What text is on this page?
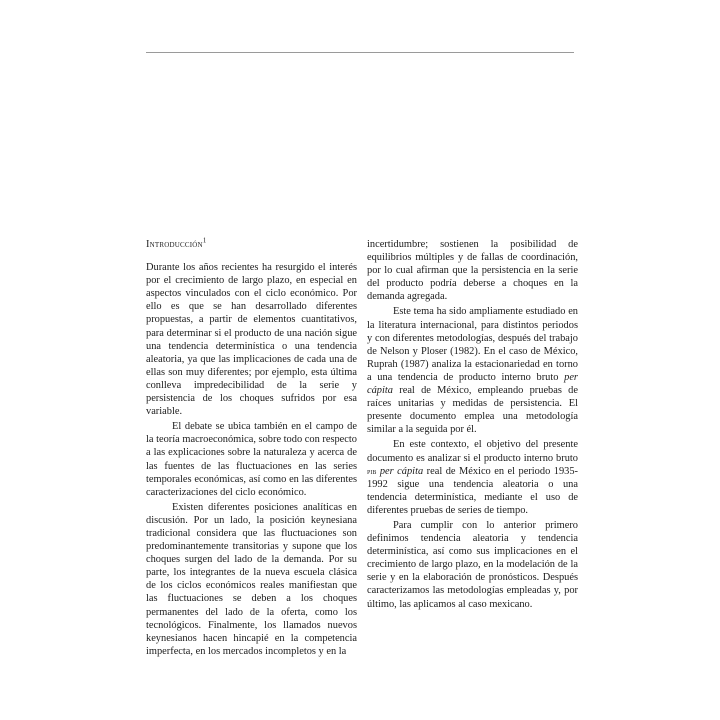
Introducción$^1$

Durante los años recientes ha resurgido el interés por el crecimiento de largo plazo, en especial en aspectos vinculados con el ciclo económico. Por ello es que se han desarrollado diferentes propuestas, a partir de elementos cuantitativos, para determinar si el producto de una nación sigue una tendencia determinística o una tendencia aleatoria, ya que las implicaciones de cada una de ellas son muy diferentes; por ejemplo, esta última conlleva impredecibilidad de la serie y persistencia de los choques sufridos por esa variable.

El debate se ubica también en el campo de la teoría macroeconómica, sobre todo con respecto a las explicaciones sobre la naturaleza y acerca de las fuentes de las fluctuaciones en las series temporales económicas, así como en las diferentes caracterizaciones del ciclo económico.

Existen diferentes posiciones analíticas en discusión. Por un lado, la posición keynesiana tradicional considera que las fluctuaciones son predominantemente transitorias y supone que los choques surgen del lado de la demanda. Por su parte, los integrantes de la nueva escuela clásica de los ciclos económicos reales manifiestan que las fluctuaciones se deben a los choques permanentes del lado de la oferta, como los tecnológicos. Finalmente, los llamados nuevos keynesianos hacen hincapié en la competencia imperfecta, en los mercados incompletos y en la

incertidumbre; sostienen la posibilidad de equilibrios múltiples y de fallas de coordinación, por lo cual afirman que la persistencia en la serie del producto podría deberse a choques en la demanda agregada.

Este tema ha sido ampliamente estudiado en la literatura internacional, para distintos periodos y con diferentes metodologías, después del trabajo de Nelson y Ploser (1982). En el caso de México, Ruprah (1987) analiza la estacionariedad en torno a una tendencia de producto interno bruto per cápita real de México, empleando pruebas de raíces unitarias y medidas de persistencia. El presente documento emplea una metodología similar a la seguida por él.

En este contexto, el objetivo del presente documento es analizar si el producto interno bruto pib per cápita real de México en el periodo 1935-1992 sigue una tendencia aleatoria o una tendencia determinística, mediante el uso de diferentes pruebas de series de tiempo.

Para cumplir con lo anterior primero definimos tendencia aleatoria y tendencia determinística, así como sus implicaciones en el crecimiento de largo plazo, en la modelación de la serie y en la elaboración de pronósticos. Después caracterizamos las metodologías empleadas y, por último, las aplicamos al caso mexicano.
